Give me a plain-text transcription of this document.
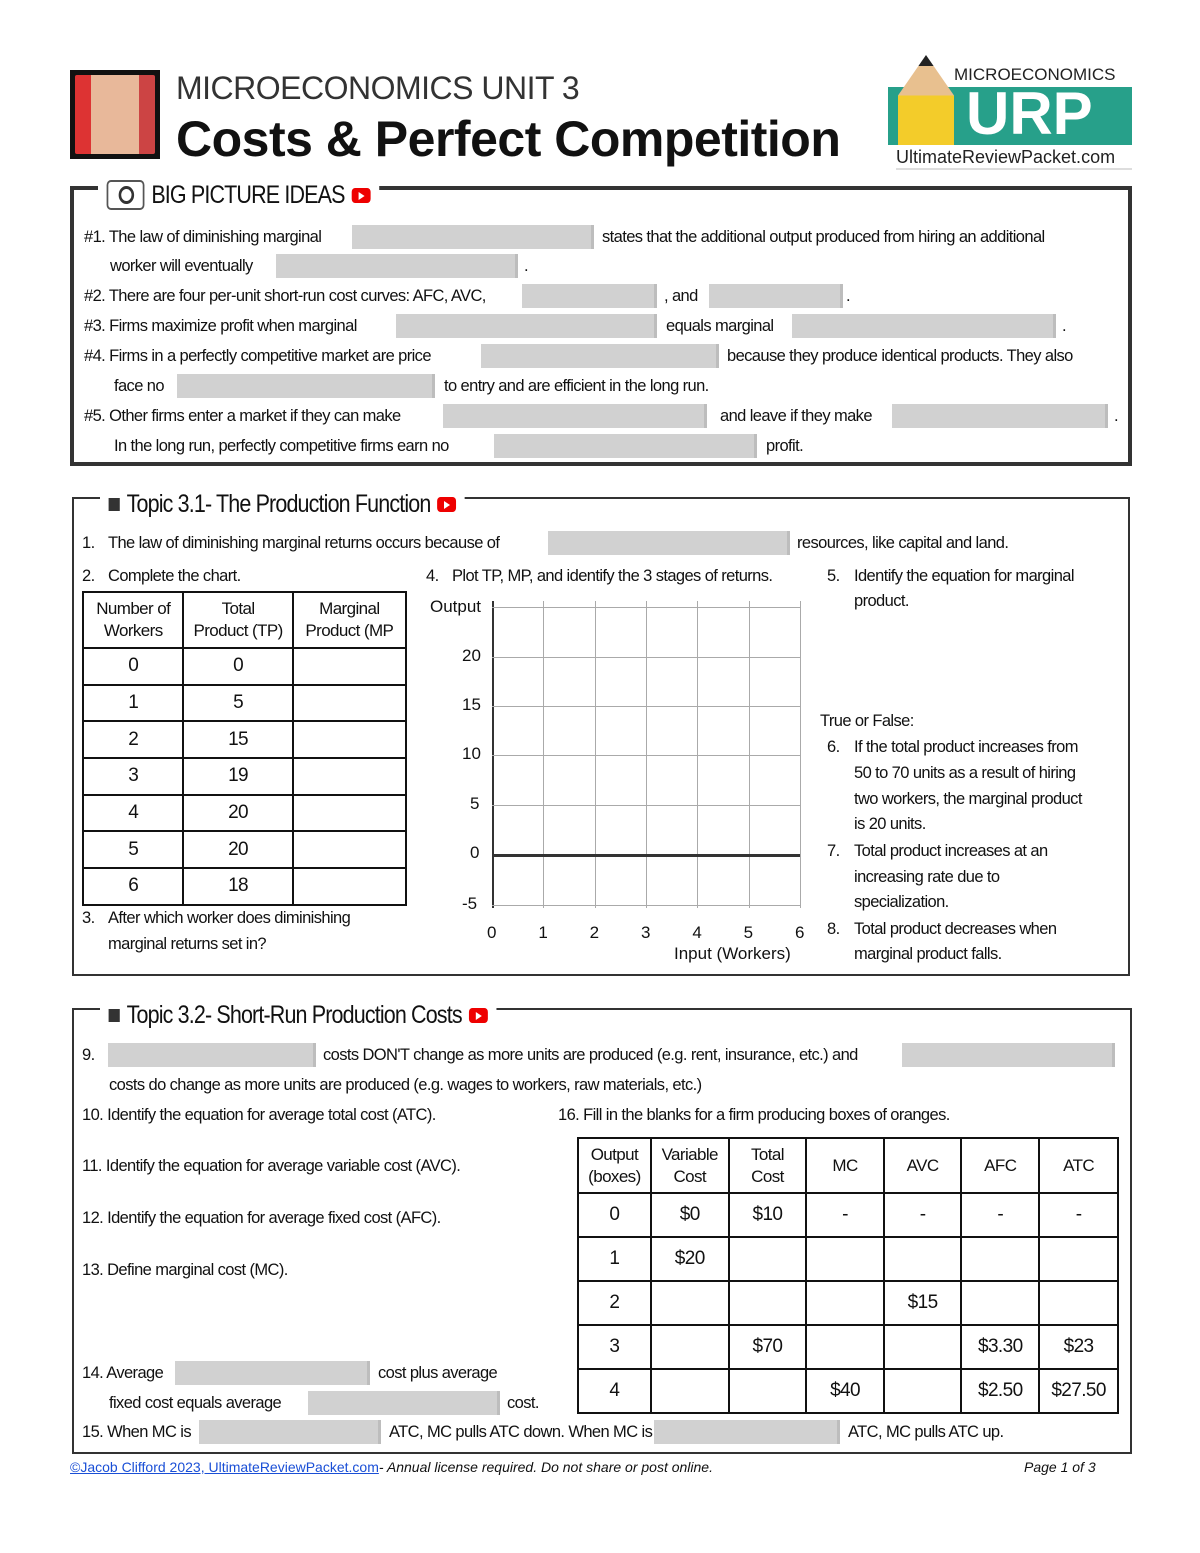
MICROECONOMICS UNIT 3
Costs & Perfect Competition
MICROECONOMICS
URP
UltimateReviewPacket.com
BIG PICTURE IDEAS
#1. The law of diminishing marginal	states that the additional output produced from hiring an additional
worker will eventually	.
#2. There are four per-unit short-run cost curves: AFC, AVC,	, and	.
#3. Firms maximize profit when marginal	equals marginal	.
#4. Firms in a perfectly competitive market are price	because they produce identical products. They also
face no	to entry and are efficient in the long run.
#5. Other firms enter a market if they can make	and leave if they make	.
In the long run, perfectly competitive firms earn no	profit.
Topic 3.1- The Production Function
1. The law of diminishing marginal returns occurs because of	resources, like capital and land.
2. Complete the chart.
Number of
Workers	Total
Product (TP)	Marginal
Product (MP
0	0	
1	5	
2	15	
3	19	
4	20	
5	20	
6	18	
3. After which worker does diminishing
marginal returns set in?
4. Plot TP, MP, and identify the 3 stages of returns.
0 1 2 3 4 5 6
20
15
10
5
0
-5
Output
Input (Workers)
5. Identify the equation for marginal
product.
True or False:
6. If the total product increases from
50 to 70 units as a result of hiring
two workers, the marginal product
is 20 units.
7. Total product increases at an
increasing rate due to
specialization.
8. Total product decreases when
marginal product falls.
Topic 3.2- Short-Run Production Costs
9.	costs DON'T change as more units are produced (e.g. rent, insurance, etc.) and
costs do change as more units are produced (e.g. wages to workers, raw materials, etc.)
10. Identify the equation for average total cost (ATC).
11. Identify the equation for average variable cost (AVC).
12. Identify the equation for average fixed cost (AFC).
13. Define marginal cost (MC).
14. Average	cost plus average
fixed cost equals average	cost.
15. When MC is	ATC, MC pulls ATC down. When MC is	ATC, MC pulls ATC up.
16. Fill in the blanks for a firm producing boxes of oranges.
Output
(boxes)	Variable
Cost	Total
Cost	MC	AVC	AFC	ATC
0	$0	$10	-	-	-	-
1	$20					
2				$15		
3		$70			$3.30	$23
4			$40		$2.50	$27.50
©Jacob Clifford 2023, UltimateReviewPacket.com- Annual license required. Do not share or post online.	Page 1 of 3
